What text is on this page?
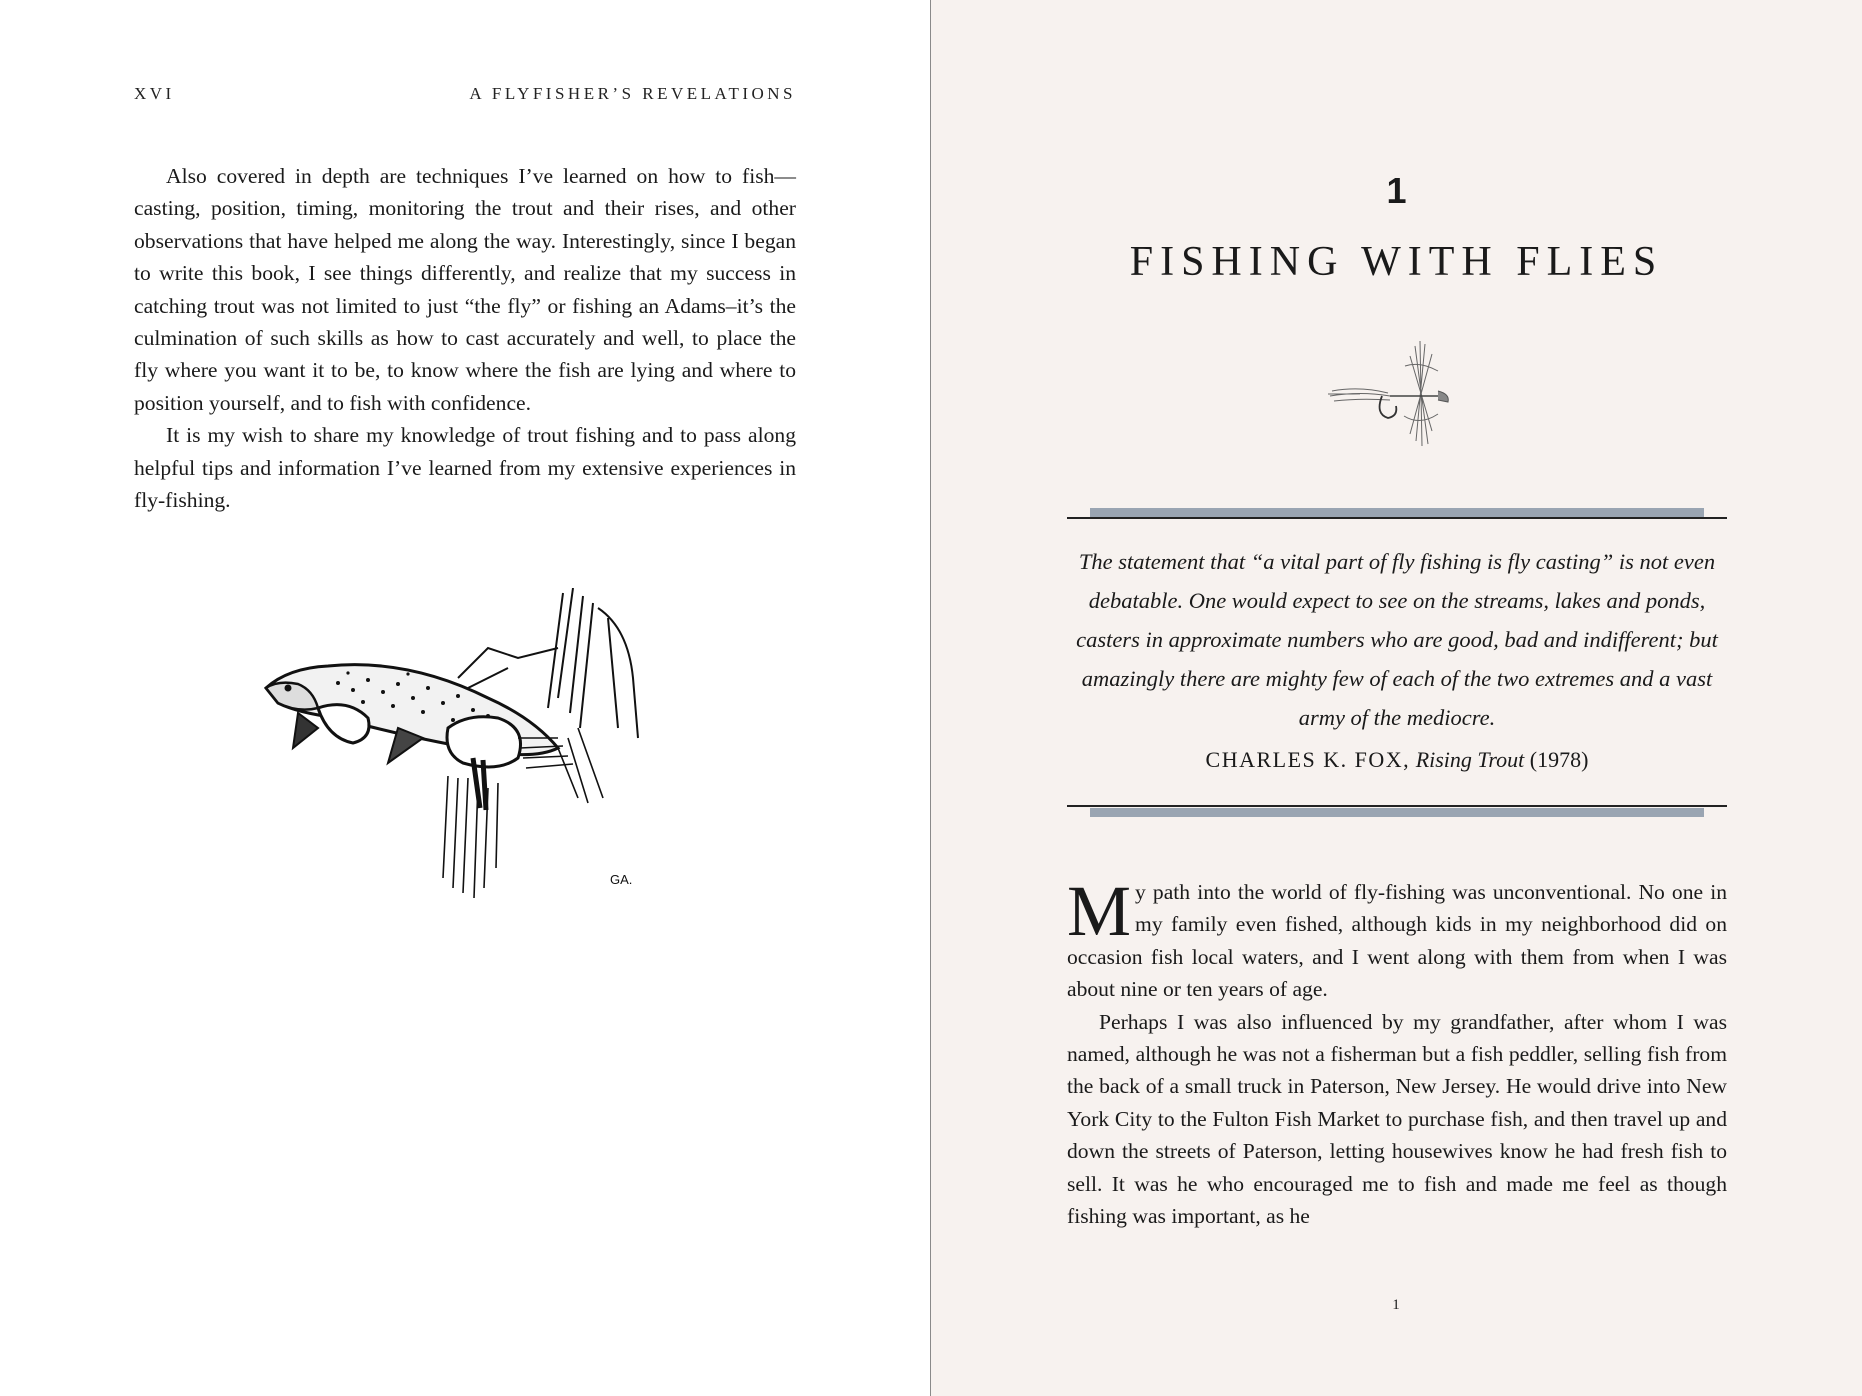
XVI	A FLYFISHER’S REVELATIONS

Also covered in depth are techniques I’ve learned on how to fish—casting, position, timing, monitoring the trout and their rises, and other observations that have helped me along the way. Interestingly, since I began to write this book, I see things differently, and realize that my success in catching trout was not limited to just “the fly” or fishing an Adams–it’s the culmination of such skills as how to cast accurately and well, to place the fly where you want it to be, to know where the fish are lying and where to position yourself, and to fish with confidence.

It is my wish to share my knowledge of trout fishing and to pass along helpful tips and information I’ve learned from my extensive experiences in fly-fishing.

GA.
1
FISHING WITH FLIES
The statement that “a vital part of fly fishing is fly casting” is not even debatable. One would expect to see on the streams, lakes and ponds, casters in approximate numbers who are good, bad and indifferent; but amazingly there are mighty few of each of the two extremes and a vast army of the mediocre.
CHARLES K. FOX, Rising Trout (1978)

My path into the world of fly-fishing was unconventional. No one in my family even fished, although kids in my neighborhood did on occasion fish local waters, and I went along with them from when I was about nine or ten years of age.

Perhaps I was also influenced by my grandfather, after whom I was named, although he was not a fisherman but a fish peddler, selling fish from the back of a small truck in Paterson, New Jersey. He would drive into New York City to the Fulton Fish Market to purchase fish, and then travel up and down the streets of Paterson, letting housewives know he had fresh fish to sell. It was he who encouraged me to fish and made me feel as though fishing was important, as he

1
